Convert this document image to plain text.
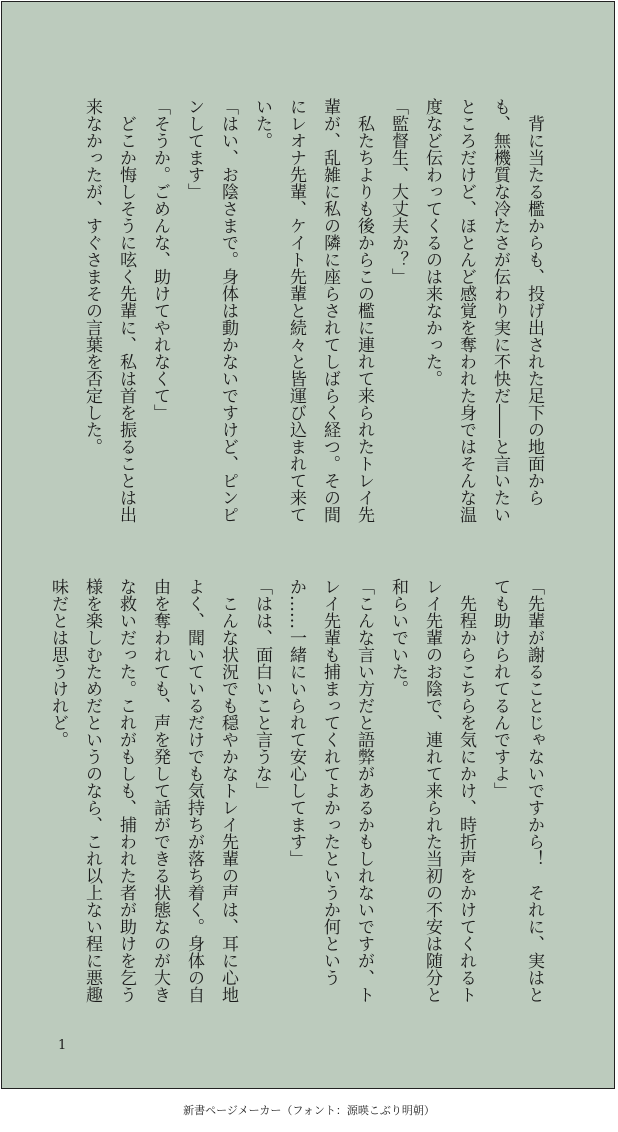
　背に当たる檻からも、投げ出された足下の地面からも、無機質な冷たさが伝わり実に不快だ――と言いたいところだけど、ほとんど感覚を奪われた身ではそんな温度など伝わってくるのは来なかった。

「監督生、大丈夫か？」

　私たちよりも後からこの檻に連れて来られたトレイ先輩が、乱雑に私の隣に座らされてしばらく経つ。その間にレオナ先輩、ケイト先輩と続々と皆運び込まれて来ていた。

「はい、お陰さまで。身体は動かないですけど、ピンピンしてます」

「そうか。ごめんな、助けてやれなくて」

　どこか悔しそうに呟く先輩に、私は首を振ることは出来なかったが、すぐさまその言葉を否定した。

「先輩が謝ることじゃないですから！　それに、実はとても助けられてるんですよ」

　先程からこちらを気にかけ、時折声をかけてくれるトレイ先輩のお陰で、連れて来られた当初の不安は随分と和らいでいた。

「こんな言い方だと語弊があるかもしれないですが、トレイ先輩も捕まってくれてよかったというか何というか……一緒にいられて安心してます」

「はは、面白いこと言うな」

　こんな状況でも穏やかなトレイ先輩の声は、耳に心地よく、聞いているだけでも気持ちが落ち着く。身体の自由を奪われても、声を発して話ができる状態なのが大きな救いだった。これがもしも、捕われた者が助けを乞う様を楽しむためだというのなら、これ以上ない程に悪趣味だとは思うけれど。

1
新書ページメーカー（フォント：源暎こぶり明朝）
